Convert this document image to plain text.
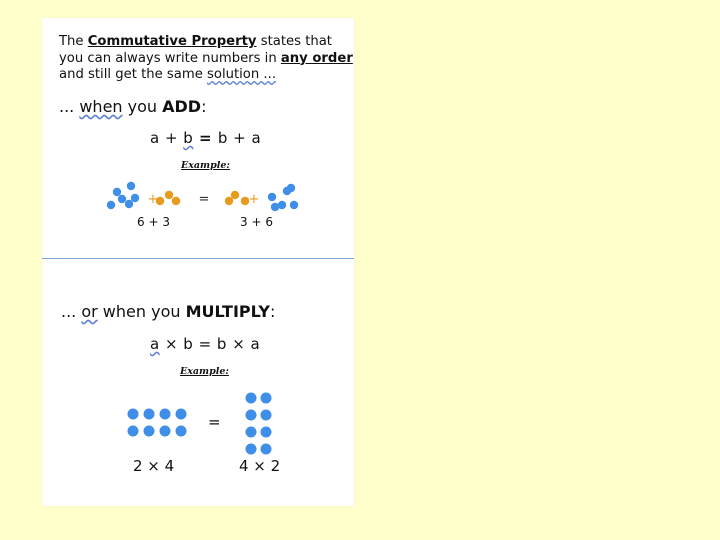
The Commutative Property states that
you can always write numbers in any order
and still get the same solution ...
... when you ADD:
a + b = b + a
Example:
+	+
=
6 + 3	3 + 6
... or when you MULTIPLY:
a × b = b × a
Example:
=
2 × 4	4 × 2
